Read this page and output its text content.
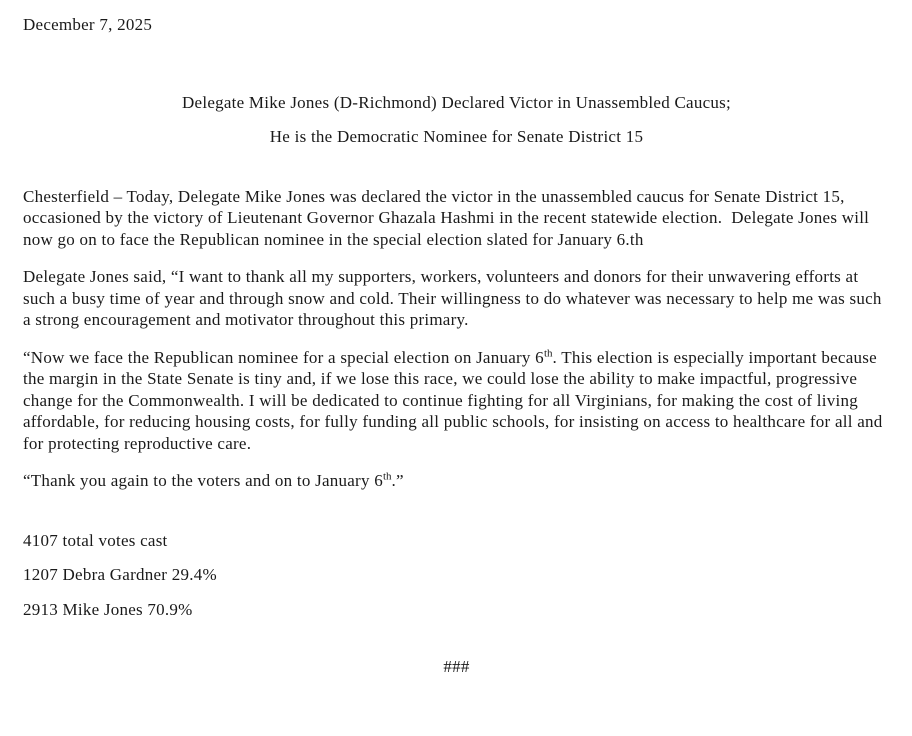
December 7, 2025

Delegate Mike Jones (D-Richmond) Declared Victor in Unassembled Caucus;

He is the Democratic Nominee for Senate District 15

Chesterfield – Today, Delegate Mike Jones was declared the victor in the unassembled caucus for Senate District 15, occasioned by the victory of Lieutenant Governor Ghazala Hashmi in the recent statewide election.  Delegate Jones will now go on to face the Republican nominee in the special election slated for January 6.th

Delegate Jones said, “I want to thank all my supporters, workers, volunteers and donors for their unwavering efforts at such a busy time of year and through snow and cold. Their willingness to do whatever was necessary to help me was such a strong encouragement and motivator throughout this primary.

“Now we face the Republican nominee for a special election on January 6th. This election is especially important because the margin in the State Senate is tiny and, if we lose this race, we could lose the ability to make impactful, progressive change for the Commonwealth. I will be dedicated to continue fighting for all Virginians, for making the cost of living affordable, for reducing housing costs, for fully funding all public schools, for insisting on access to healthcare for all and for protecting reproductive care.

“Thank you again to the voters and on to January 6th.”

4107 total votes cast

1207 Debra Gardner 29.4%

2913 Mike Jones 70.9%

###
